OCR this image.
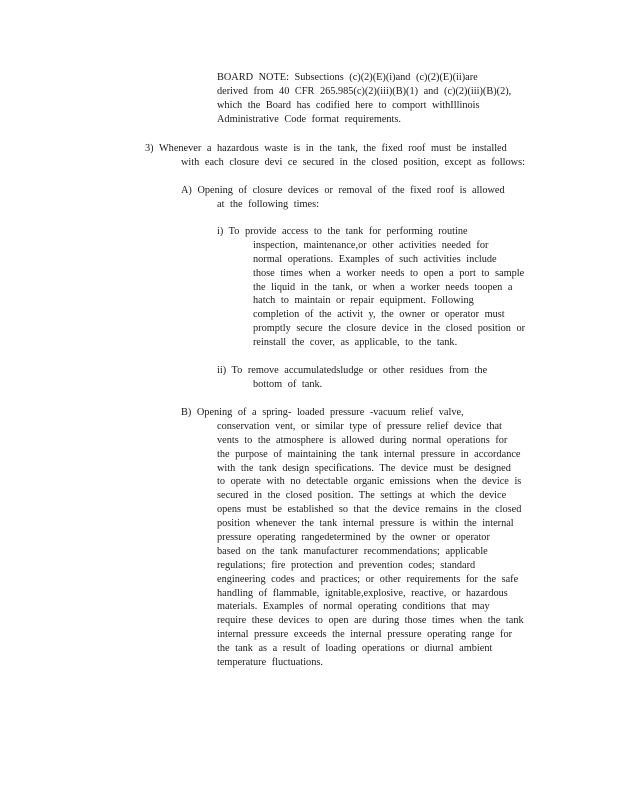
BOARD NOTE: Subsections (c)(2)(E)(i)and (c)(2)(E)(ii)are
derived from 40 CFR 265.985(c)(2)(iii)(B)(1) and (c)(2)(iii)(B)(2),
which the Board has codified here to comport withIllinois
Administrative Code format requirements.
3) Whenever a hazardous waste is in the tank, the fixed roof must be installed
with each closure devi ce secured in the closed position, except as follows:
A) Opening of closure devices or removal of the fixed roof is allowed
at the following times:
i) To provide access to the tank for performing routine
inspection, maintenance,or other activities needed for
normal operations. Examples of such activities include
those times when a worker needs to open a port to sample
the liquid in the tank, or when a worker needs toopen a
hatch to maintain or repair equipment. Following
completion of the activit y, the owner or operator must
promptly secure the closure device in the closed position or
reinstall the cover, as applicable, to the tank.
ii) To remove accumulatedsludge or other residues from the
bottom of tank.
B) Opening of a spring- loaded pressure -vacuum relief valve,
conservation vent, or similar type of pressure relief device that
vents to the atmosphere is allowed during normal operations for
the purpose of maintaining the tank internal pressure in accordance
with the tank design specifications. The device must be designed
to operate with no detectable organic emissions when the device is
secured in the closed position. The settings at which the device
opens must be established so that the device remains in the closed
position whenever the tank internal pressure is within the internal
pressure operating rangedetermined by the owner or operator
based on the tank manufacturer recommendations; applicable
regulations; fire protection and prevention codes; standard
engineering codes and practices; or other requirements for the safe
handling of flammable, ignitable,explosive, reactive, or hazardous
materials. Examples of normal operating conditions that may
require these devices to open are during those times when the tank
internal pressure exceeds the internal pressure operating range for
the tank as a result of loading operations or diurnal ambient
temperature fluctuations.
